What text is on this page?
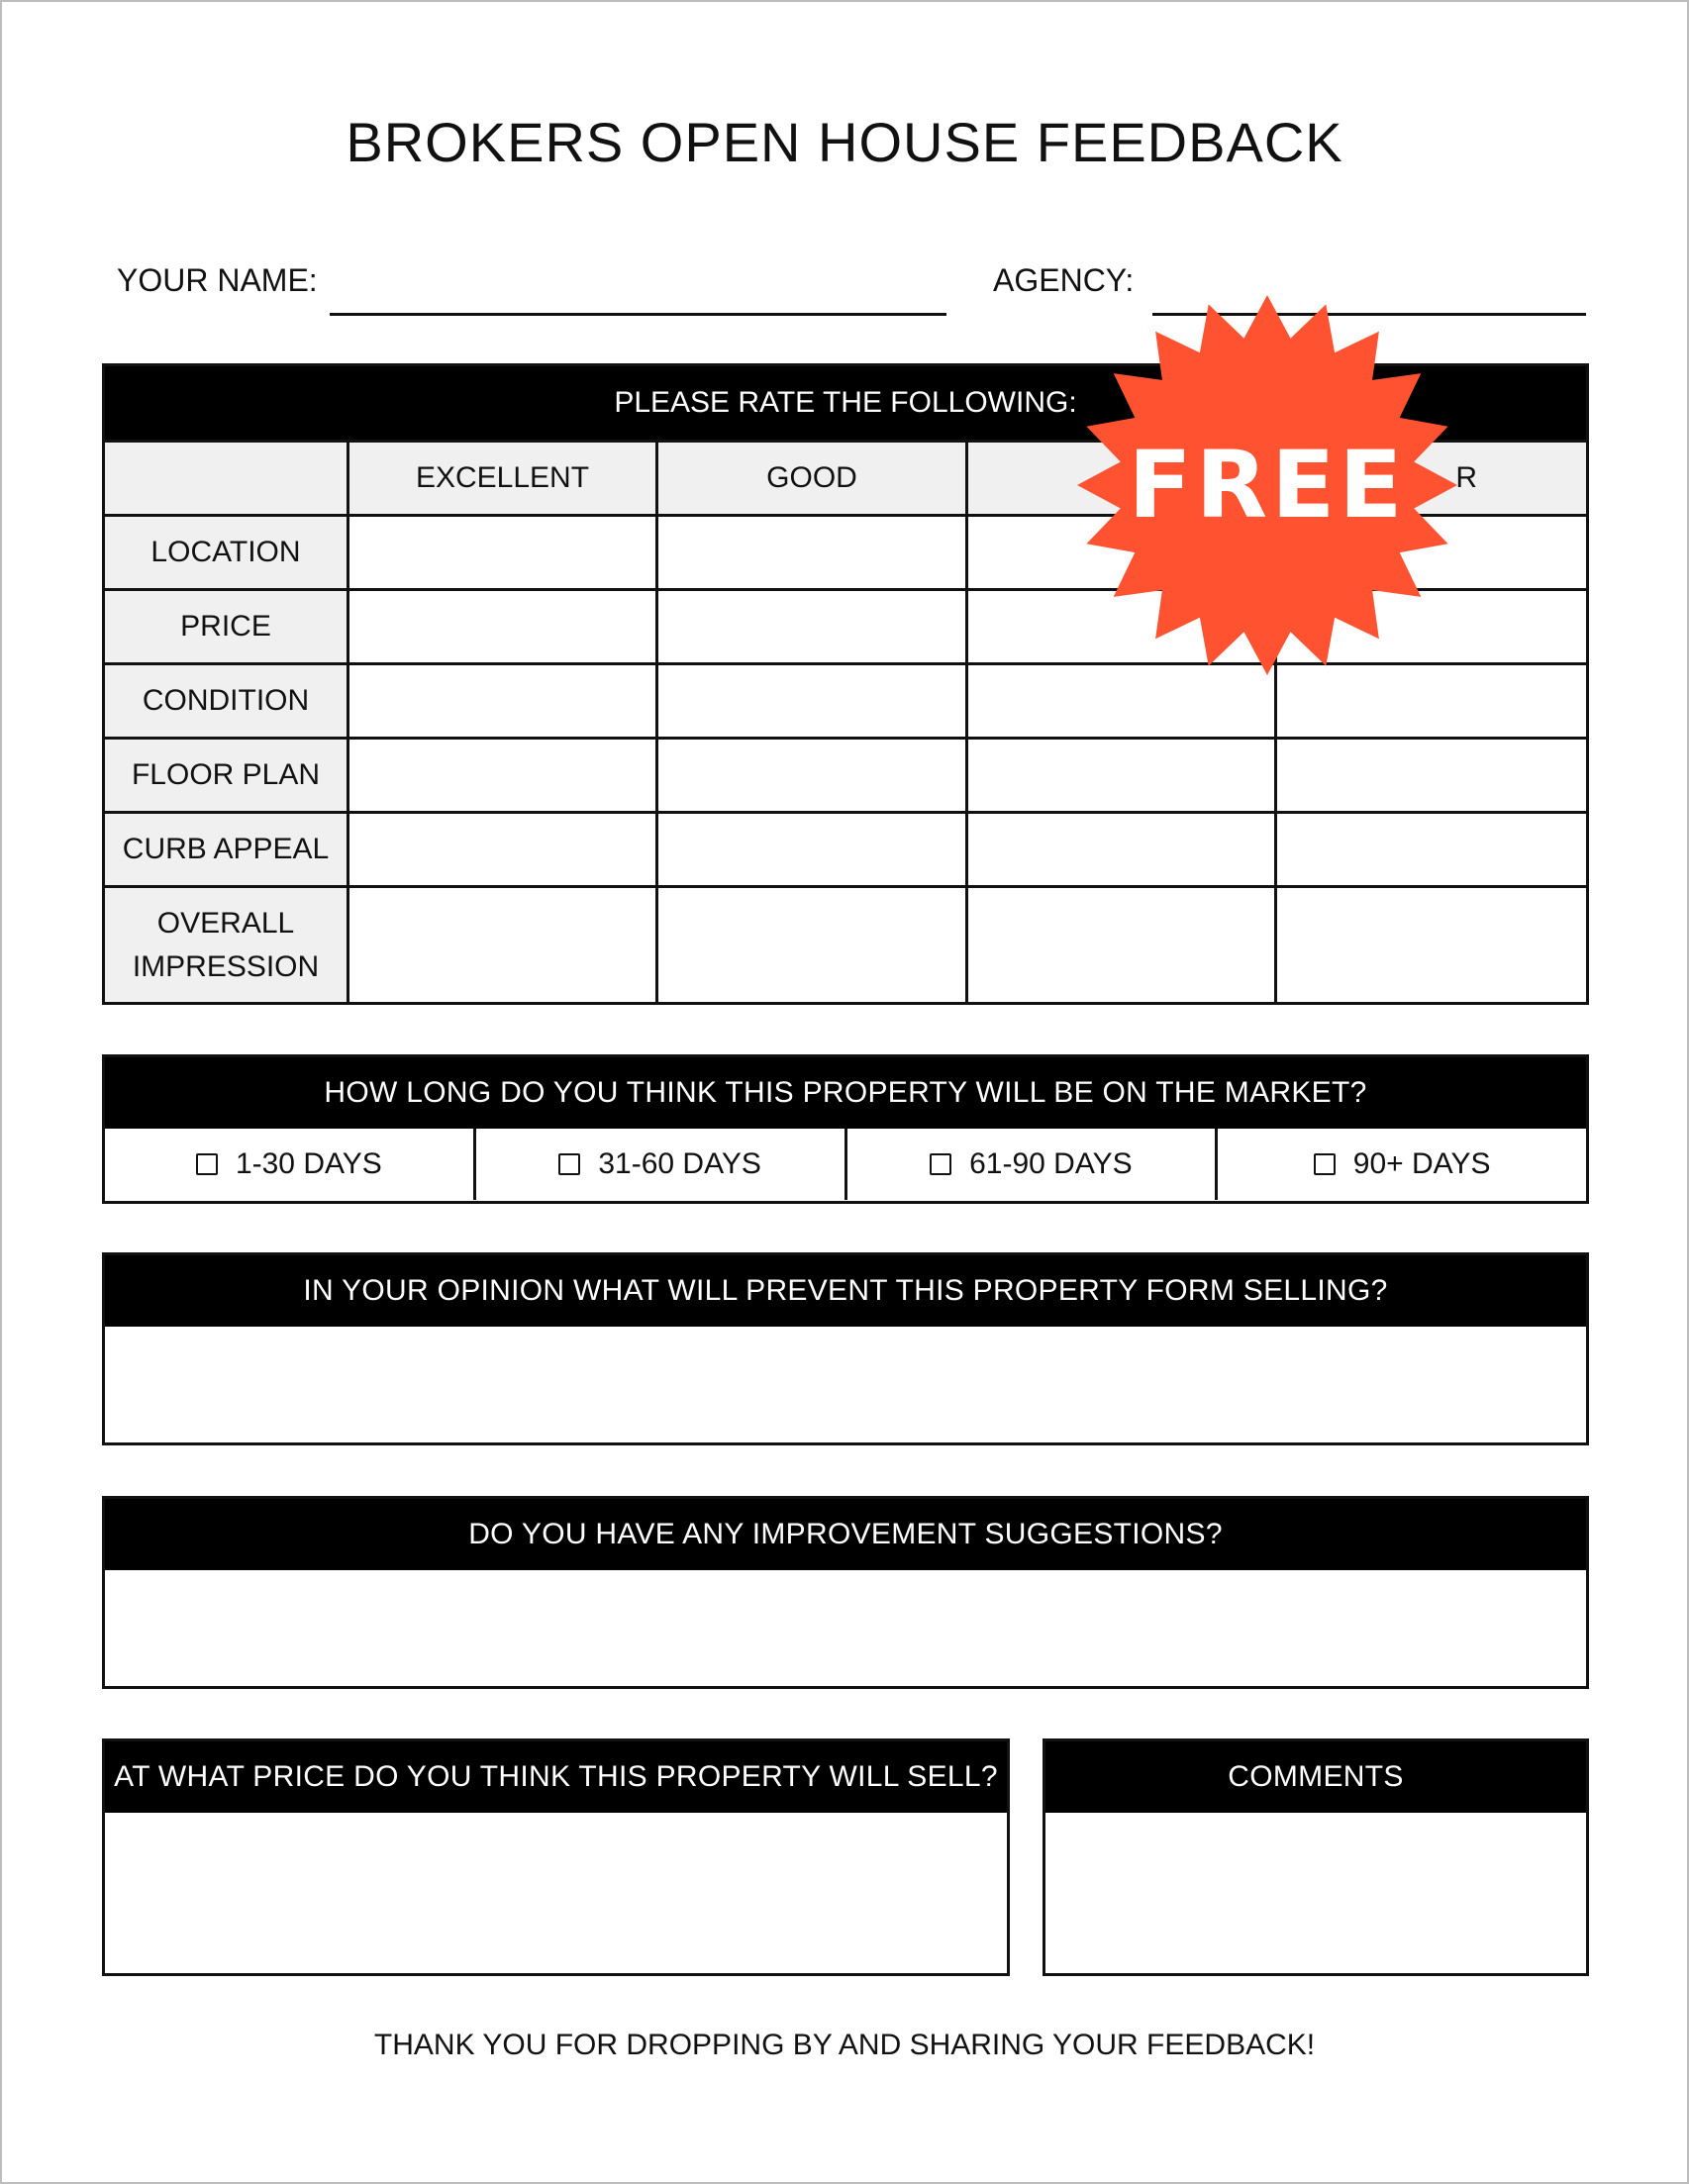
BROKERS OPEN HOUSE FEEDBACK
YOUR NAME:	AGENCY:
PLEASE RATE THE FOLLOWING:				
	EXCELLENT	GOOD		R
LOCATION				
PRICE				
CONDITION				
FLOOR PLAN				
CURB APPEAL				

OVERALL
IMPRESSION				

HOW LONG DO YOU THINK THIS PROPERTY WILL BE ON THE MARKET?
1-30 DAYS	31-60 DAYS	61-90 DAYS	90+ DAYS
IN YOUR OPINION WHAT WILL PREVENT THIS PROPERTY FORM SELLING?
DO YOU HAVE ANY IMPROVEMENT SUGGESTIONS?
AT WHAT PRICE DO YOU THINK THIS PROPERTY WILL SELL?	COMMENTS
THANK YOU FOR DROPPING BY AND SHARING YOUR FEEDBACK!
FREE
